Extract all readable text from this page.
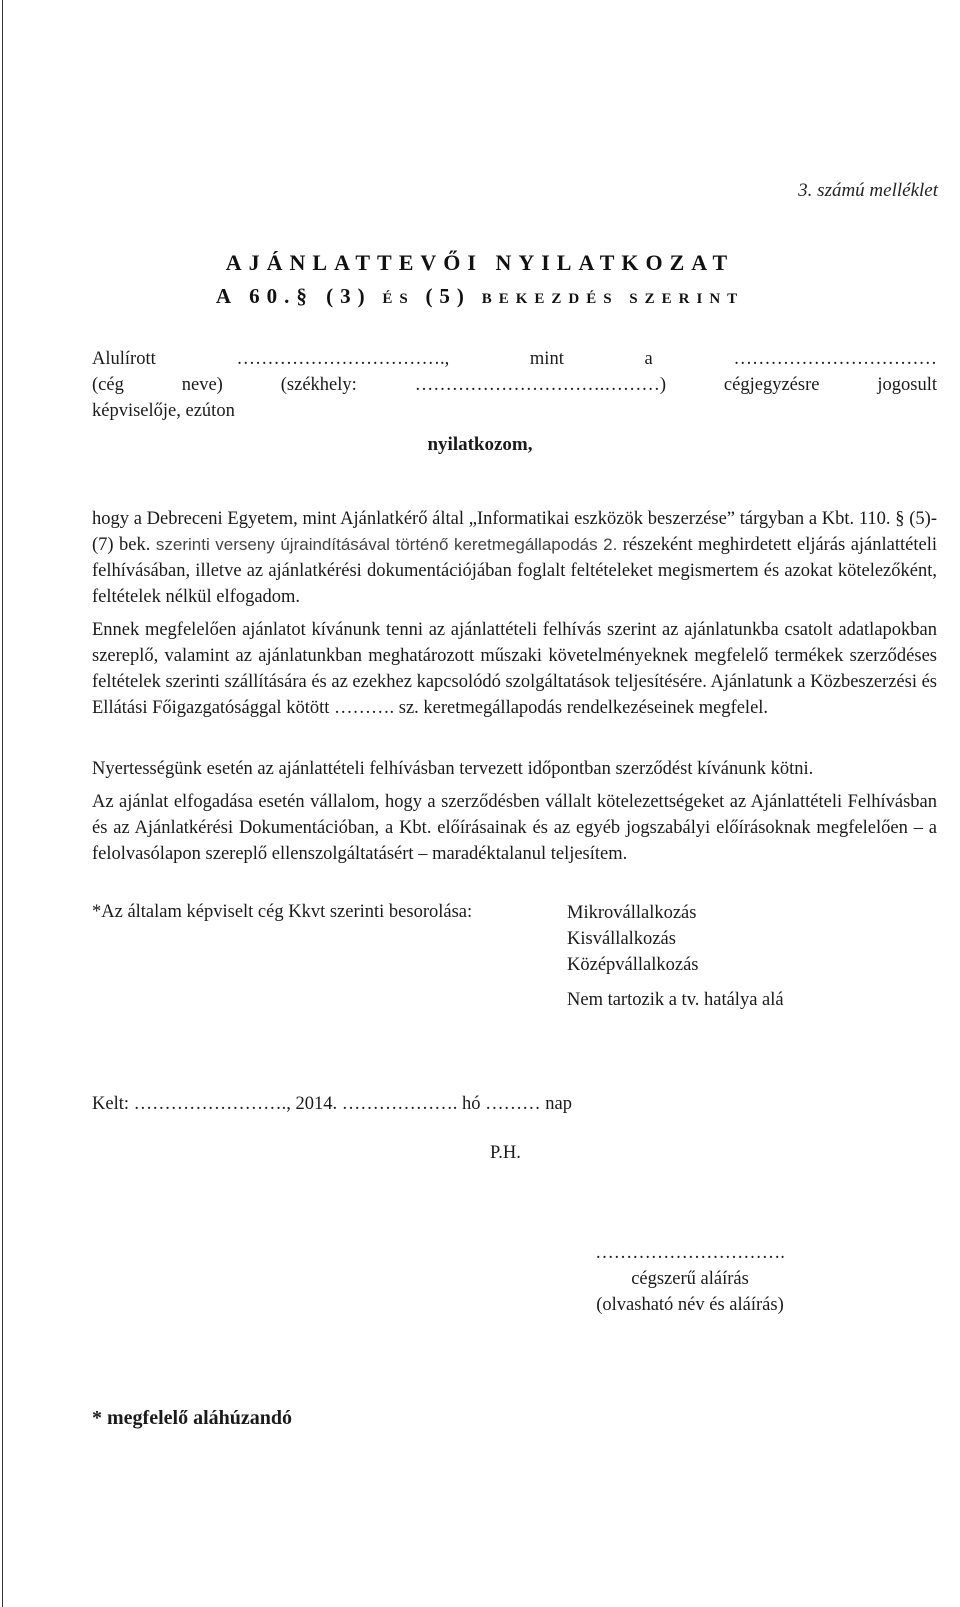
3. számú melléklet
AJÁNLATTEVŐI NYILATKOZAT
A 60.§ (3) ÉS (5) BEKEZDÉS SZERINT
Alulírott ……………………………., mint a ……………………………
(cég neve) (székhely: ………………………….………) cégjegyzésre jogosult
képviselője, ezúton
nyilatkozom,
hogy a Debreceni Egyetem, mint Ajánlatkérő által „Informatikai eszközök beszerzése” tárgyban a Kbt. 110. § (5)-(7) bek. szerinti verseny újraindításával történő keretmegállapodás 2. részeként meghirdetett eljárás ajánlattételi felhívásában, illetve az ajánlatkérési dokumentációjában foglalt feltételeket megismertem és azokat kötelezőként, feltételek nélkül elfogadom.
Ennek megfelelően ajánlatot kívánunk tenni az ajánlattételi felhívás szerint az ajánlatunkba csatolt adatlapokban szereplő, valamint az ajánlatunkban meghatározott műszaki követelményeknek megfelelő termékek szerződéses feltételek szerinti szállítására és az ezekhez kapcsolódó szolgáltatások teljesítésére. Ajánlatunk a Közbeszerzési és Ellátási Főigazgatósággal kötött ………. sz. keretmegállapodás rendelkezéseinek megfelel.
Nyertességünk esetén az ajánlattételi felhívásban tervezett időpontban szerződést kívánunk kötni.
Az ajánlat elfogadása esetén vállalom, hogy a szerződésben vállalt kötelezettségeket az Ajánlattételi Felhívásban és az Ajánlatkérési Dokumentációban, a Kbt. előírásainak és az egyéb jogszabályi előírásoknak megfelelően – a felolvasólapon szereplő ellenszolgáltatásért – maradéktalanul teljesítem.
*Az általam képviselt cég Kkvt szerinti besorolása:	Mikrovállalkozás
Kisvállalkozás
Középvállalkozás
Nem tartozik a tv. hatálya alá
Kelt: ……………………., 2014. ………………. hó ……… nap
P.H.
………………………….
cégszerű aláírás
(olvasható név és aláírás)
* megfelelő aláhúzandó
